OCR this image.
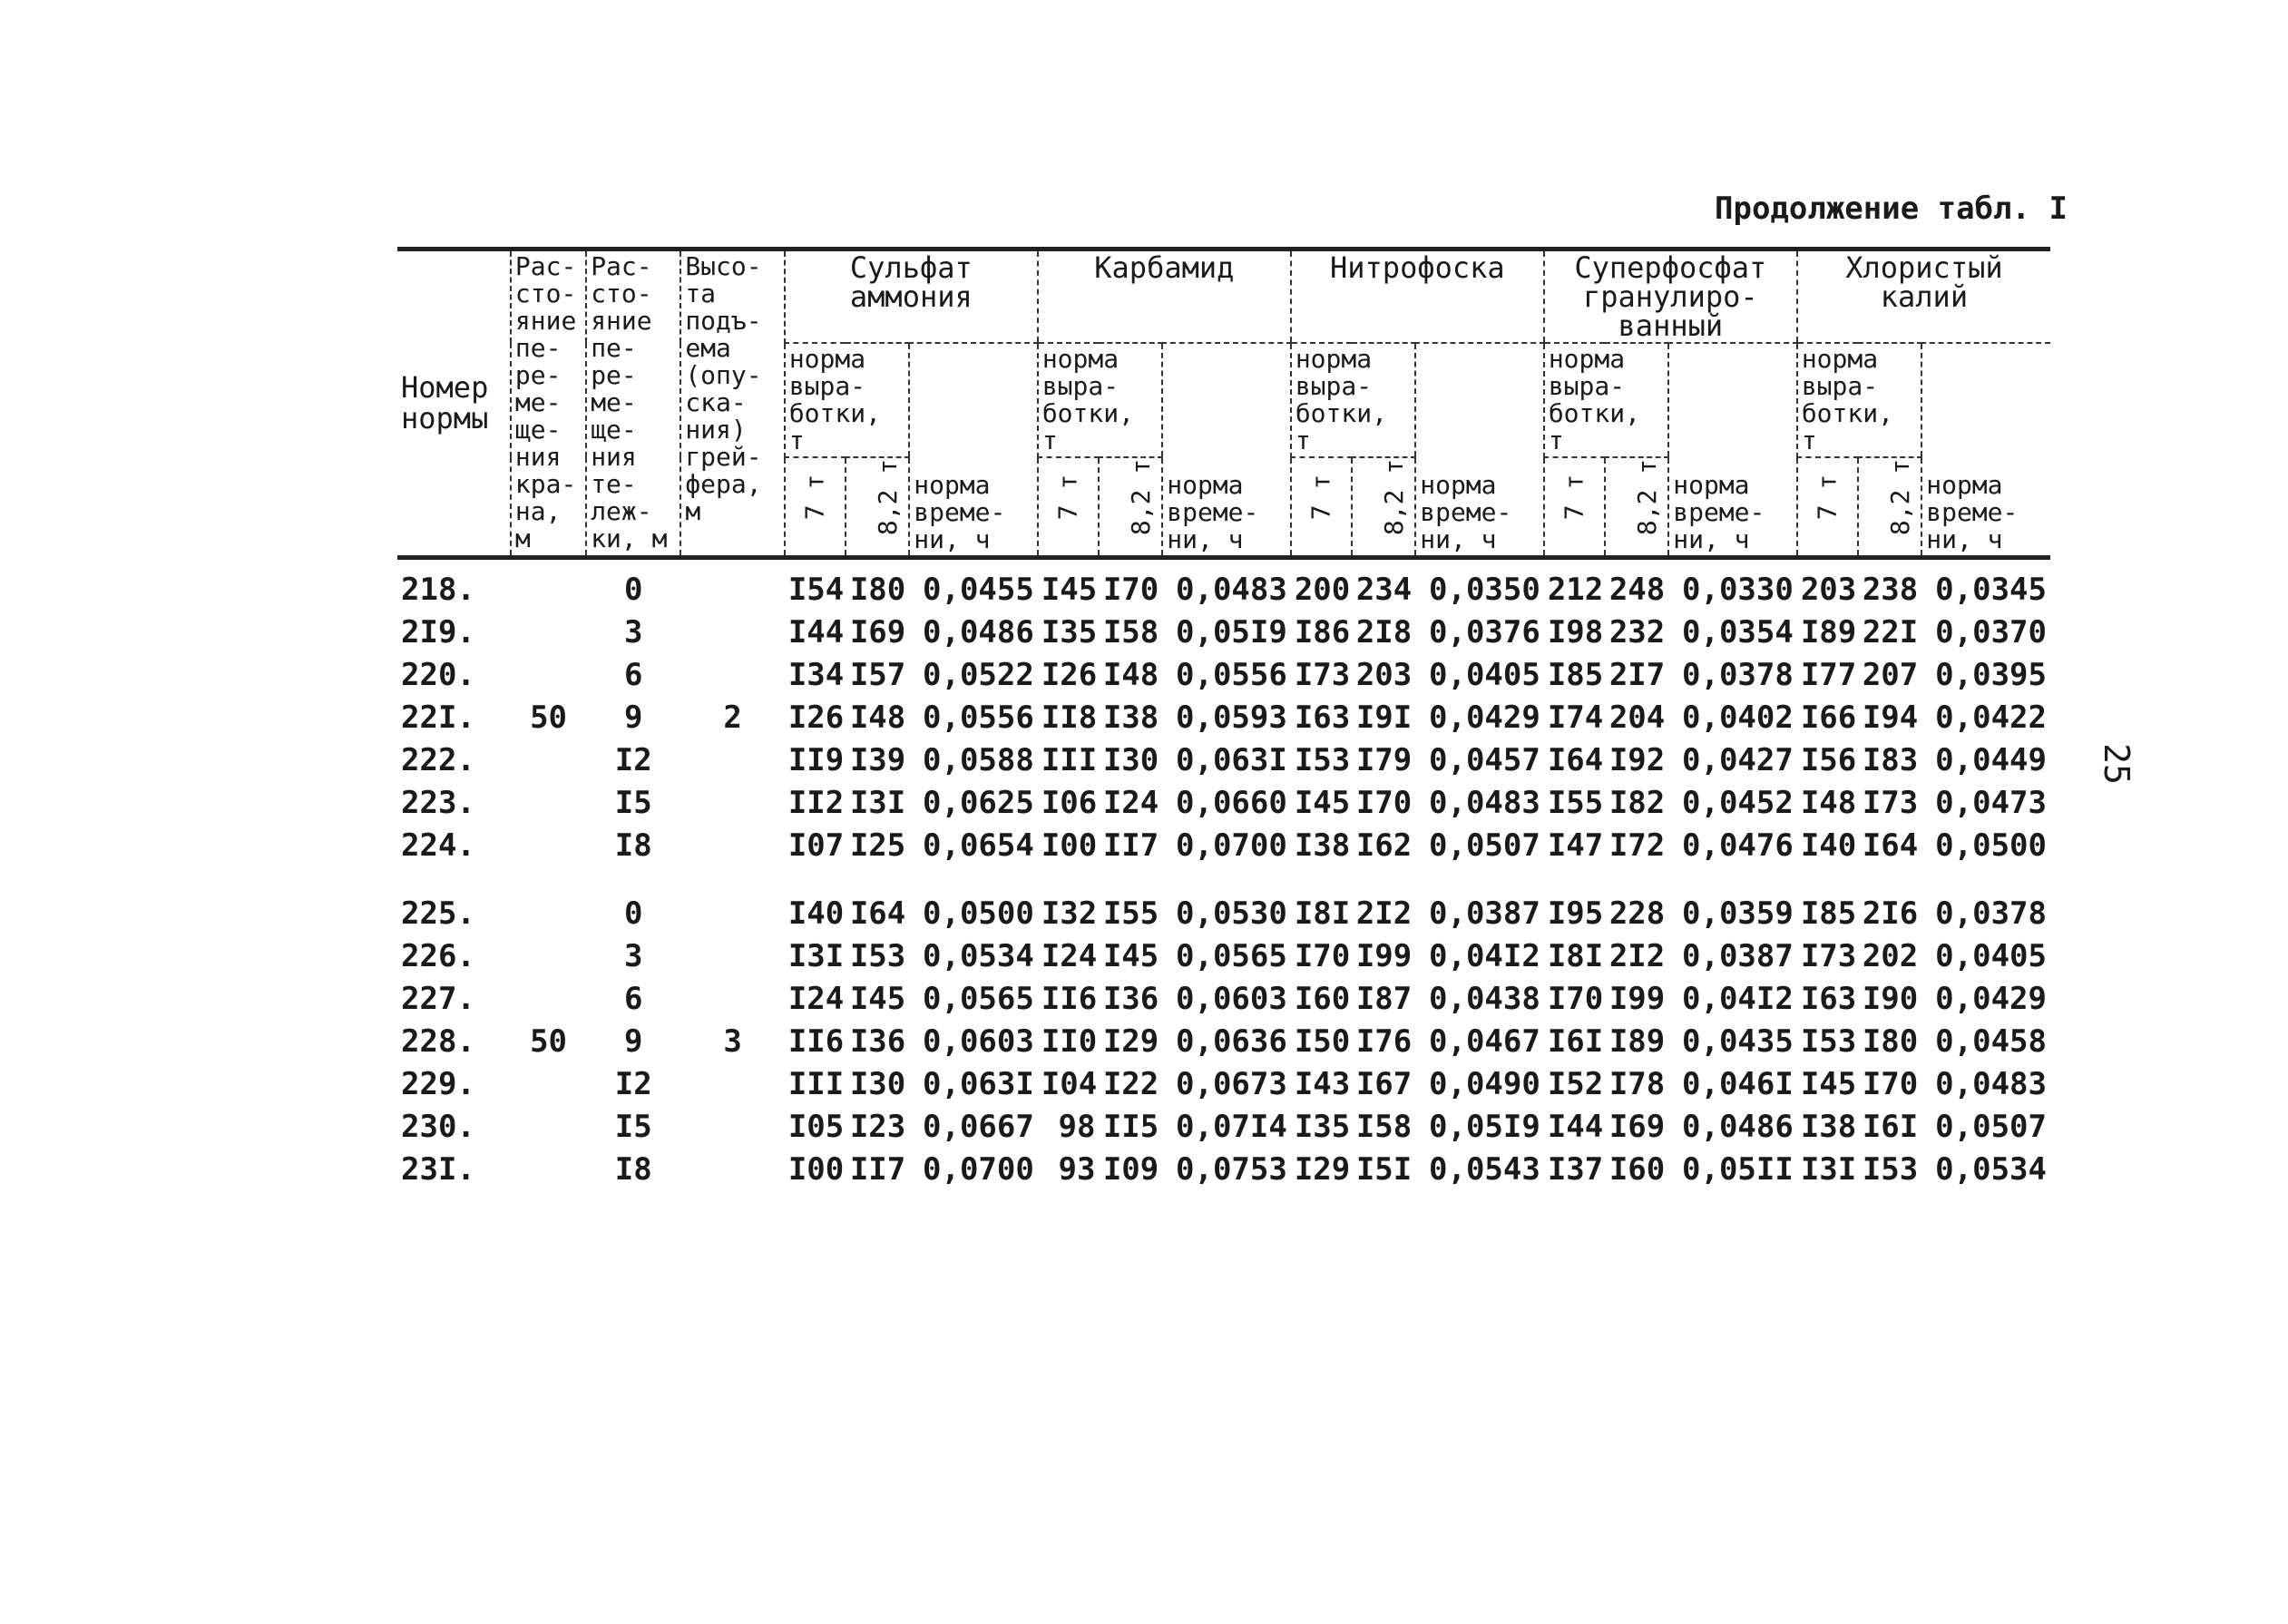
Продолжение табл. I
25
Номер нормы	Рас-сто-яние пе-ре-ме-ще-ния кра-на, м	Рас-сто-яние пе-ре-ме-ще-ния те-леж-ки, м	Высо-та подъ-ема (опу-ска-ния) грей-фера, м	Сульфат аммония			Карбамид			Нитрофоска			Суперфосфат гранулиро-ванный			Хлористый калий		
				норма выра-ботки, т		норма време-ни, ч	норма выра-ботки, т		норма време-ни, ч	норма выра-ботки, т		норма време-ни, ч	норма выра-ботки, т		норма време-ни, ч	норма выра-ботки, т		норма време-ни, ч
				7 т	8,2 т		7 т	8,2 т		7 т	8,2 т		7 т	8,2 т		7 т	8,2 т	
218.		0		I54	I80	0,0455	I45	I70	0,0483	200	234	0,0350	212	248	0,0330	203	238	0,0345
2I9.		3		I44	I69	0,0486	I35	I58	0,05I9	I86	2I8	0,0376	I98	232	0,0354	I89	22I	0,0370
220.		6		I34	I57	0,0522	I26	I48	0,0556	I73	203	0,0405	I85	2I7	0,0378	I77	207	0,0395
22I.	50	9	2	I26	I48	0,0556	II8	I38	0,0593	I63	I9I	0,0429	I74	204	0,0402	I66	I94	0,0422
222.		I2		II9	I39	0,0588	III	I30	0,063I	I53	I79	0,0457	I64	I92	0,0427	I56	I83	0,0449
223.		I5		II2	I3I	0,0625	I06	I24	0,0660	I45	I70	0,0483	I55	I82	0,0452	I48	I73	0,0473
224.		I8		I07	I25	0,0654	I00	II7	0,0700	I38	I62	0,0507	I47	I72	0,0476	I40	I64	0,0500

225.		0		I40	I64	0,0500	I32	I55	0,0530	I8I	2I2	0,0387	I95	228	0,0359	I85	2I6	0,0378
226.		3		I3I	I53	0,0534	I24	I45	0,0565	I70	I99	0,04I2	I8I	2I2	0,0387	I73	202	0,0405
227.		6		I24	I45	0,0565	II6	I36	0,0603	I60	I87	0,0438	I70	I99	0,04I2	I63	I90	0,0429
228.	50	9	3	II6	I36	0,0603	II0	I29	0,0636	I50	I76	0,0467	I6I	I89	0,0435	I53	I80	0,0458
229.		I2		III	I30	0,063I	I04	I22	0,0673	I43	I67	0,0490	I52	I78	0,046I	I45	I70	0,0483
230.		I5		I05	I23	0,0667	98	II5	0,07I4	I35	I58	0,05I9	I44	I69	0,0486	I38	I6I	0,0507
23I.		I8		I00	II7	0,0700	93	I09	0,0753	I29	I5I	0,0543	I37	I60	0,05II	I3I	I53	0,0534
